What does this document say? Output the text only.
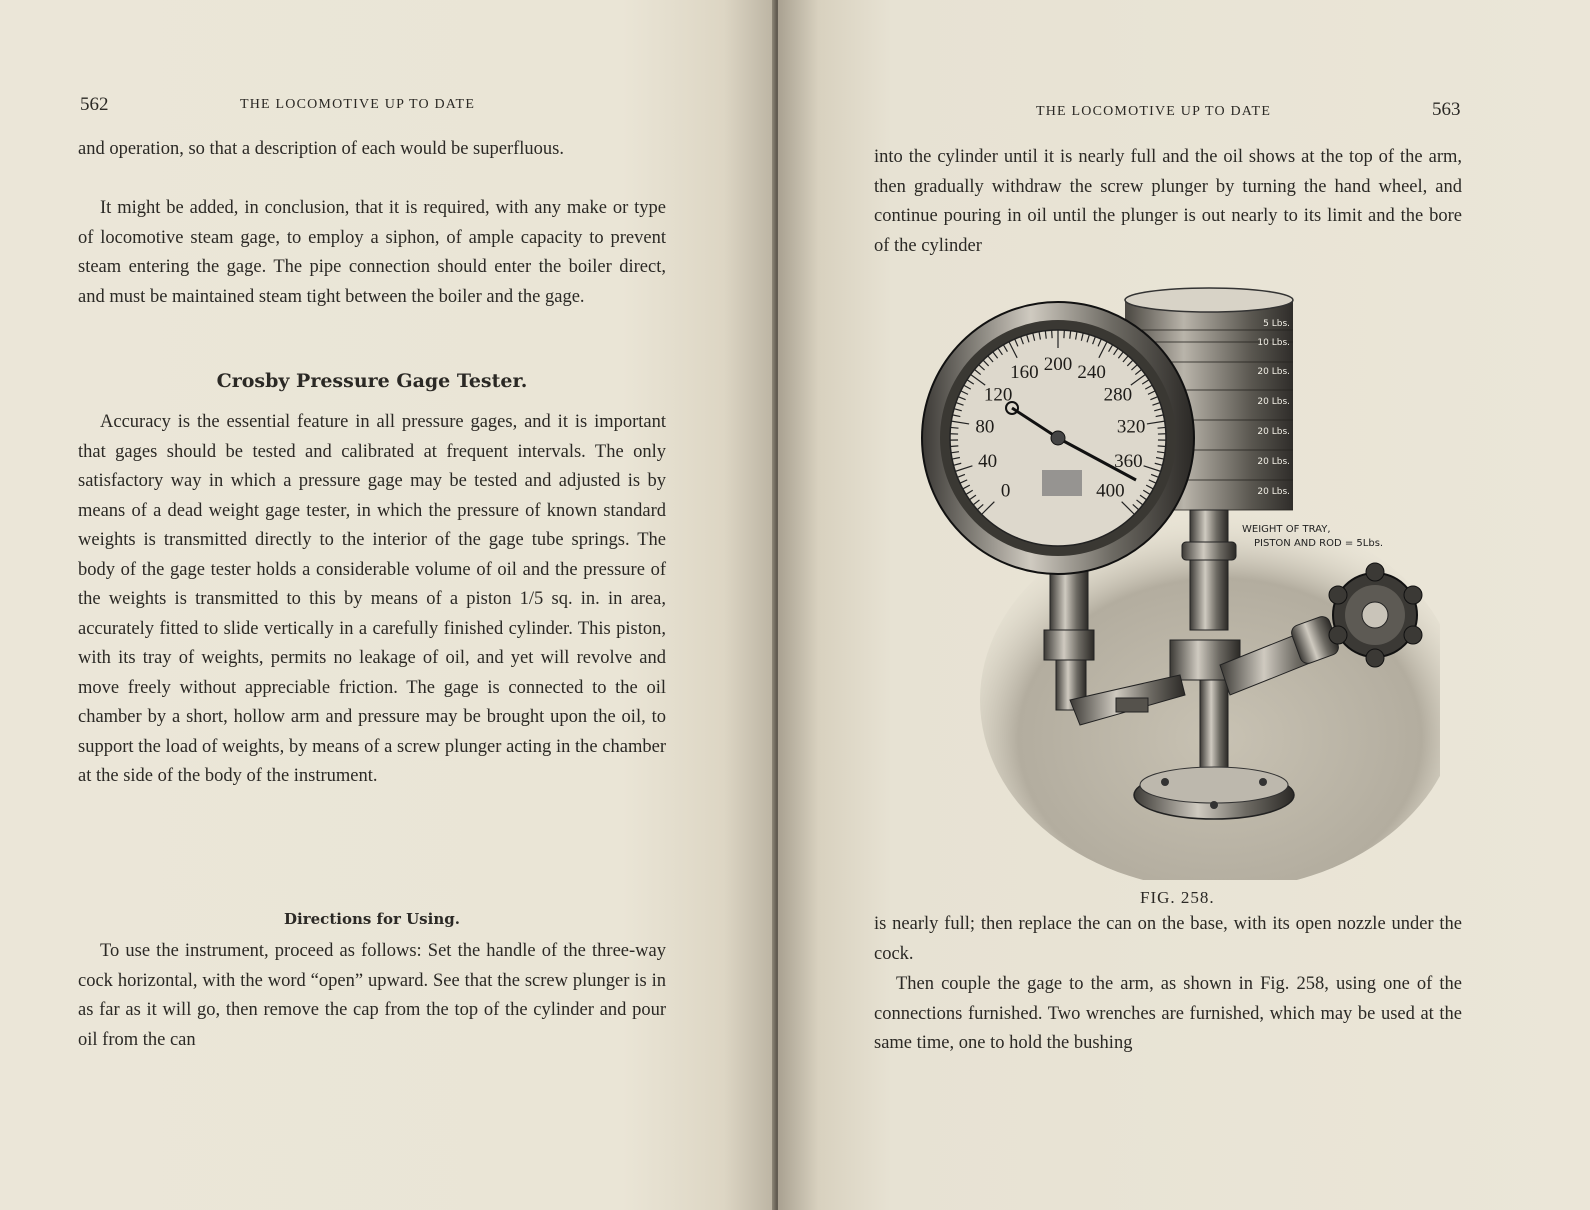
562	THE LOCOMOTIVE UP TO DATE

and operation, so that a description of each would be superfluous.

It might be added, in conclusion, that it is required, with any make or type of locomotive steam gage, to employ a siphon, of ample capacity to prevent steam entering the gage. The pipe connection should enter the boiler direct, and must be maintained steam tight between the boiler and the gage.

Crosby Pressure Gage Tester.

Accuracy is the essential feature in all pressure gages, and it is important that gages should be tested and calibrated at frequent intervals. The only satisfactory way in which a pressure gage may be tested and adjusted is by means of a dead weight gage tester, in which the pressure of known standard weights is transmitted directly to the interior of the gage tube springs. The body of the gage tester holds a considerable volume of oil and the pressure of the weights is transmitted to this by means of a piston 1/5 sq. in. in area, accurately fitted to slide vertically in a carefully finished cylinder. This piston, with its tray of weights, permits no leakage of oil, and yet will revolve and move freely without appreciable friction. The gage is connected to the oil chamber by a short, hollow arm and pressure may be brought upon the oil, to support the load of weights, by means of a screw plunger acting in the chamber at the side of the body of the instrument.

Directions for Using.

To use the instrument, proceed as follows: Set the handle of the three-way cock horizontal, with the word “open” upward. See that the screw plunger is in as far as it will go, then remove the cap from the top of the cylinder and pour oil from the can

THE LOCOMOTIVE UP TO DATE	563

into the cylinder until it is nearly full and the oil shows at the top of the arm, then gradually withdraw the screw plunger by turning the hand wheel, and continue pouring in oil until the plunger is out nearly to its limit and the bore of the cylinder

5 Lbs.
10 Lbs.
20 Lbs.
20 Lbs.
20 Lbs.
20 Lbs.
20 Lbs.
WEIGHT OF TRAY,
PISTON AND ROD = 5Lbs.
0
40
80
120
160 200 240
280
320
360
400
FIG. 258.

is nearly full; then replace the can on the base, with its open nozzle under the cock.

Then couple the gage to the arm, as shown in Fig. 258, using one of the connections furnished. Two wrenches are furnished, which may be used at the same time, one to hold the bushing
